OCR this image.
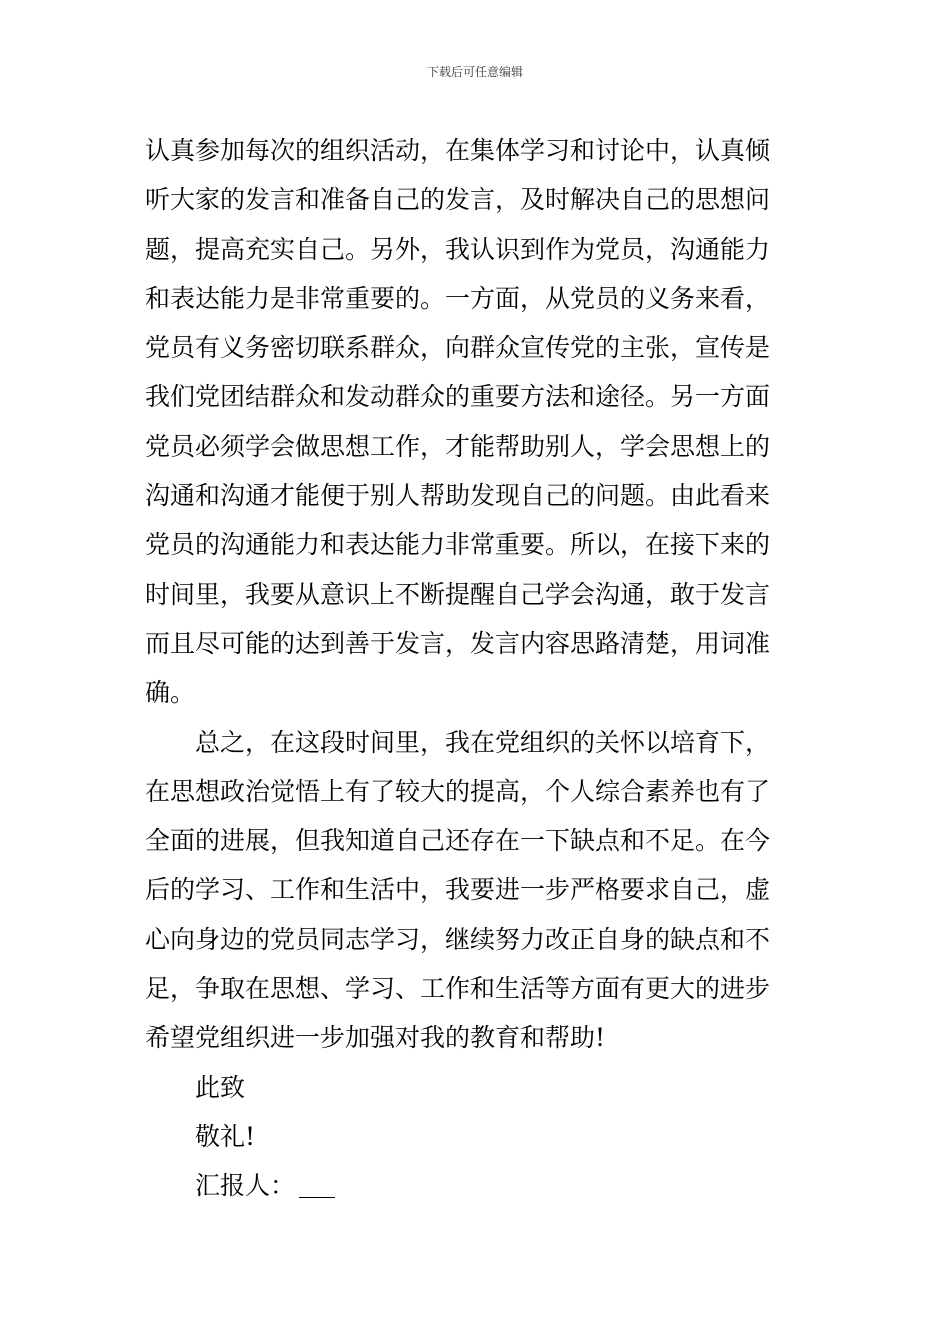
下载后可任意编辑
认真参加每次的组织活动，在集体学习和讨论中，认真倾
听大家的发言和准备自己的发言，及时解决自己的思想问
题，提高充实自己。另外，我认识到作为党员，沟通能力
和表达能力是非常重要的。一方面，从党员的义务来看，
党员有义务密切联系群众，向群众宣传党的主张，宣传是
我们党团结群众和发动群众的重要方法和途径。另一方面
党员必须学会做思想工作，才能帮助别人，学会思想上的
沟通和沟通才能便于别人帮助发现自己的问题。由此看来
党员的沟通能力和表达能力非常重要。所以，在接下来的
时间里，我要从意识上不断提醒自己学会沟通，敢于发言
而且尽可能的达到善于发言，发言内容思路清楚，用词准
确。
总之，在这段时间里，我在党组织的关怀以培育下，
在思想政治觉悟上有了较大的提高，个人综合素养也有了
全面的进展，但我知道自己还存在一下缺点和不足。在今
后的学习、工作和生活中，我要进一步严格要求自己，虚
心向身边的党员同志学习，继续努力改正自身的缺点和不
足，争取在思想、学习、工作和生活等方面有更大的进步
希望党组织进一步加强对我的教育和帮助!
此致
敬礼!
汇报人：
